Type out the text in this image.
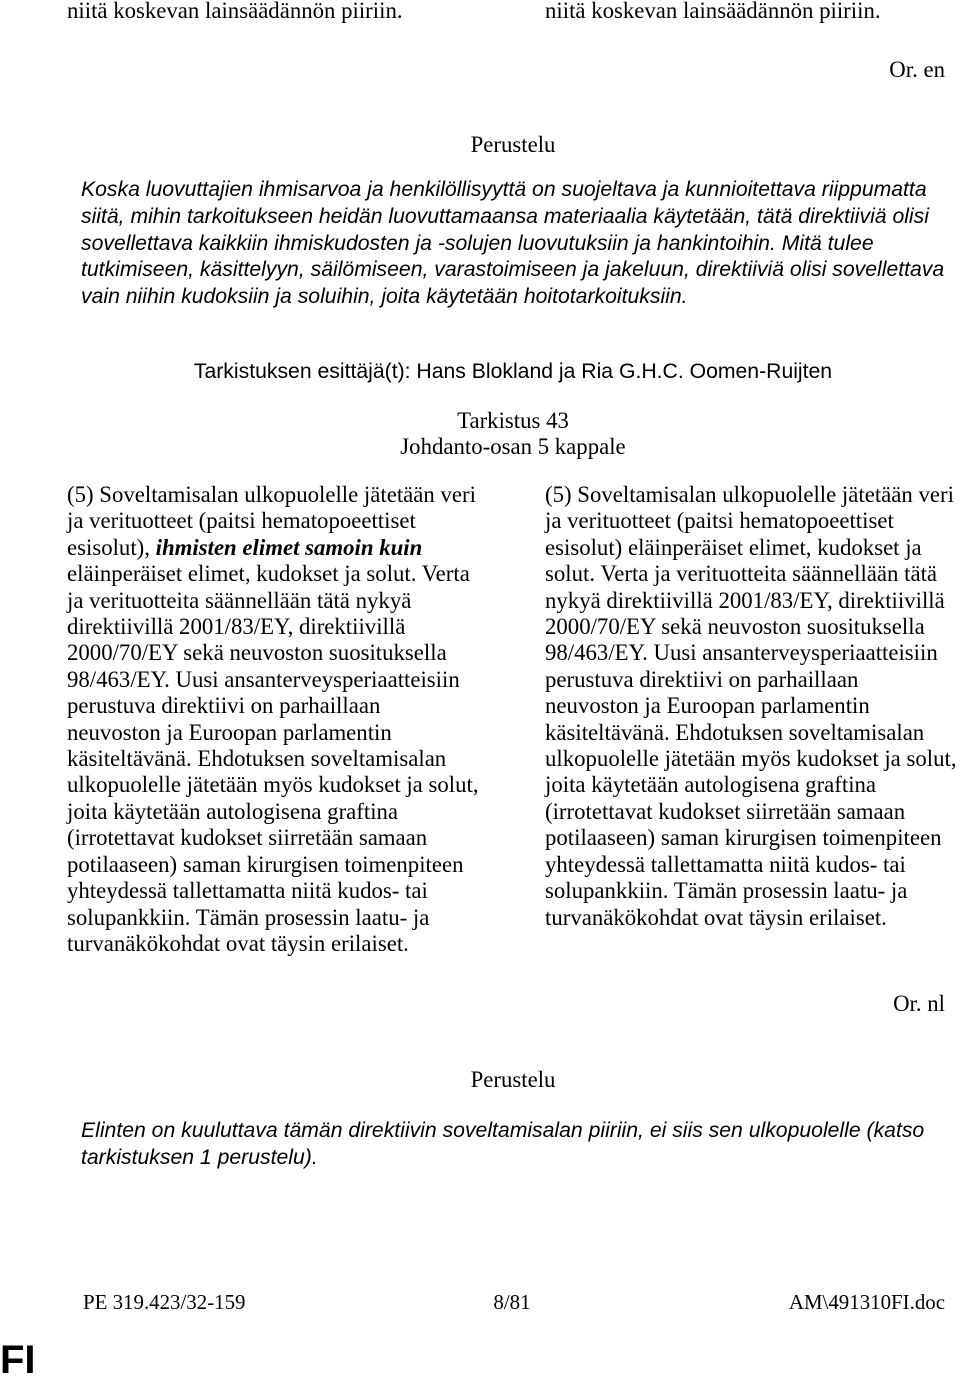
niitä koskevan lainsäädännön piiriin.	niitä koskevan lainsäädännön piiriin.
Or. en
Perustelu
Koska luovuttajien ihmisarvoa ja henkilöllisyyttä on suojeltava ja kunnioitettava riippumatta
siitä, mihin tarkoitukseen heidän luovuttamaansa materiaalia käytetään, tätä direktiiviä olisi
sovellettava kaikkiin ihmiskudosten ja -solujen luovutuksiin ja hankintoihin. Mitä tulee
tutkimiseen, käsittelyyn, säilömiseen, varastoimiseen ja jakeluun, direktiiviä olisi sovellettava
vain niihin kudoksiin ja soluihin, joita käytetään hoitotarkoituksiin.
Tarkistuksen esittäjä(t): Hans Blokland ja Ria G.H.C. Oomen-Ruijten
Tarkistus 43
Johdanto-osan 5 kappale
(5) Soveltamisalan ulkopuolelle jätetään veri
ja verituotteet (paitsi hematopoeettiset
esisolut), ihmisten elimet samoin kuin
eläinperäiset elimet, kudokset ja solut. Verta
ja verituotteita säännellään tätä nykyä
direktiivillä 2001/83/EY, direktiivillä
2000/70/EY sekä neuvoston suosituksella
98/463/EY. Uusi ansanterveysperiaatteisiin
perustuva direktiivi on parhaillaan
neuvoston ja Euroopan parlamentin
käsiteltävänä. Ehdotuksen soveltamisalan
ulkopuolelle jätetään myös kudokset ja solut,
joita käytetään autologisena graftina
(irrotettavat kudokset siirretään samaan
potilaaseen) saman kirurgisen toimenpiteen
yhteydessä tallettamatta niitä kudos- tai
solupankkiin. Tämän prosessin laatu- ja
turvanäkökohdat ovat täysin erilaiset.
(5) Soveltamisalan ulkopuolelle jätetään veri
ja verituotteet (paitsi hematopoeettiset
esisolut) eläinperäiset elimet, kudokset ja
solut. Verta ja verituotteita säännellään tätä
nykyä direktiivillä 2001/83/EY, direktiivillä
2000/70/EY sekä neuvoston suosituksella
98/463/EY. Uusi ansanterveysperiaatteisiin
perustuva direktiivi on parhaillaan
neuvoston ja Euroopan parlamentin
käsiteltävänä. Ehdotuksen soveltamisalan
ulkopuolelle jätetään myös kudokset ja solut,
joita käytetään autologisena graftina
(irrotettavat kudokset siirretään samaan
potilaaseen) saman kirurgisen toimenpiteen
yhteydessä tallettamatta niitä kudos- tai
solupankkiin. Tämän prosessin laatu- ja
turvanäkökohdat ovat täysin erilaiset.
Or. nl
Perustelu
Elinten on kuuluttava tämän direktiivin soveltamisalan piiriin, ei siis sen ulkopuolelle (katso
tarkistuksen 1 perustelu).
PE 319.423/32-159	8/81	AM\491310FI.doc
FI
